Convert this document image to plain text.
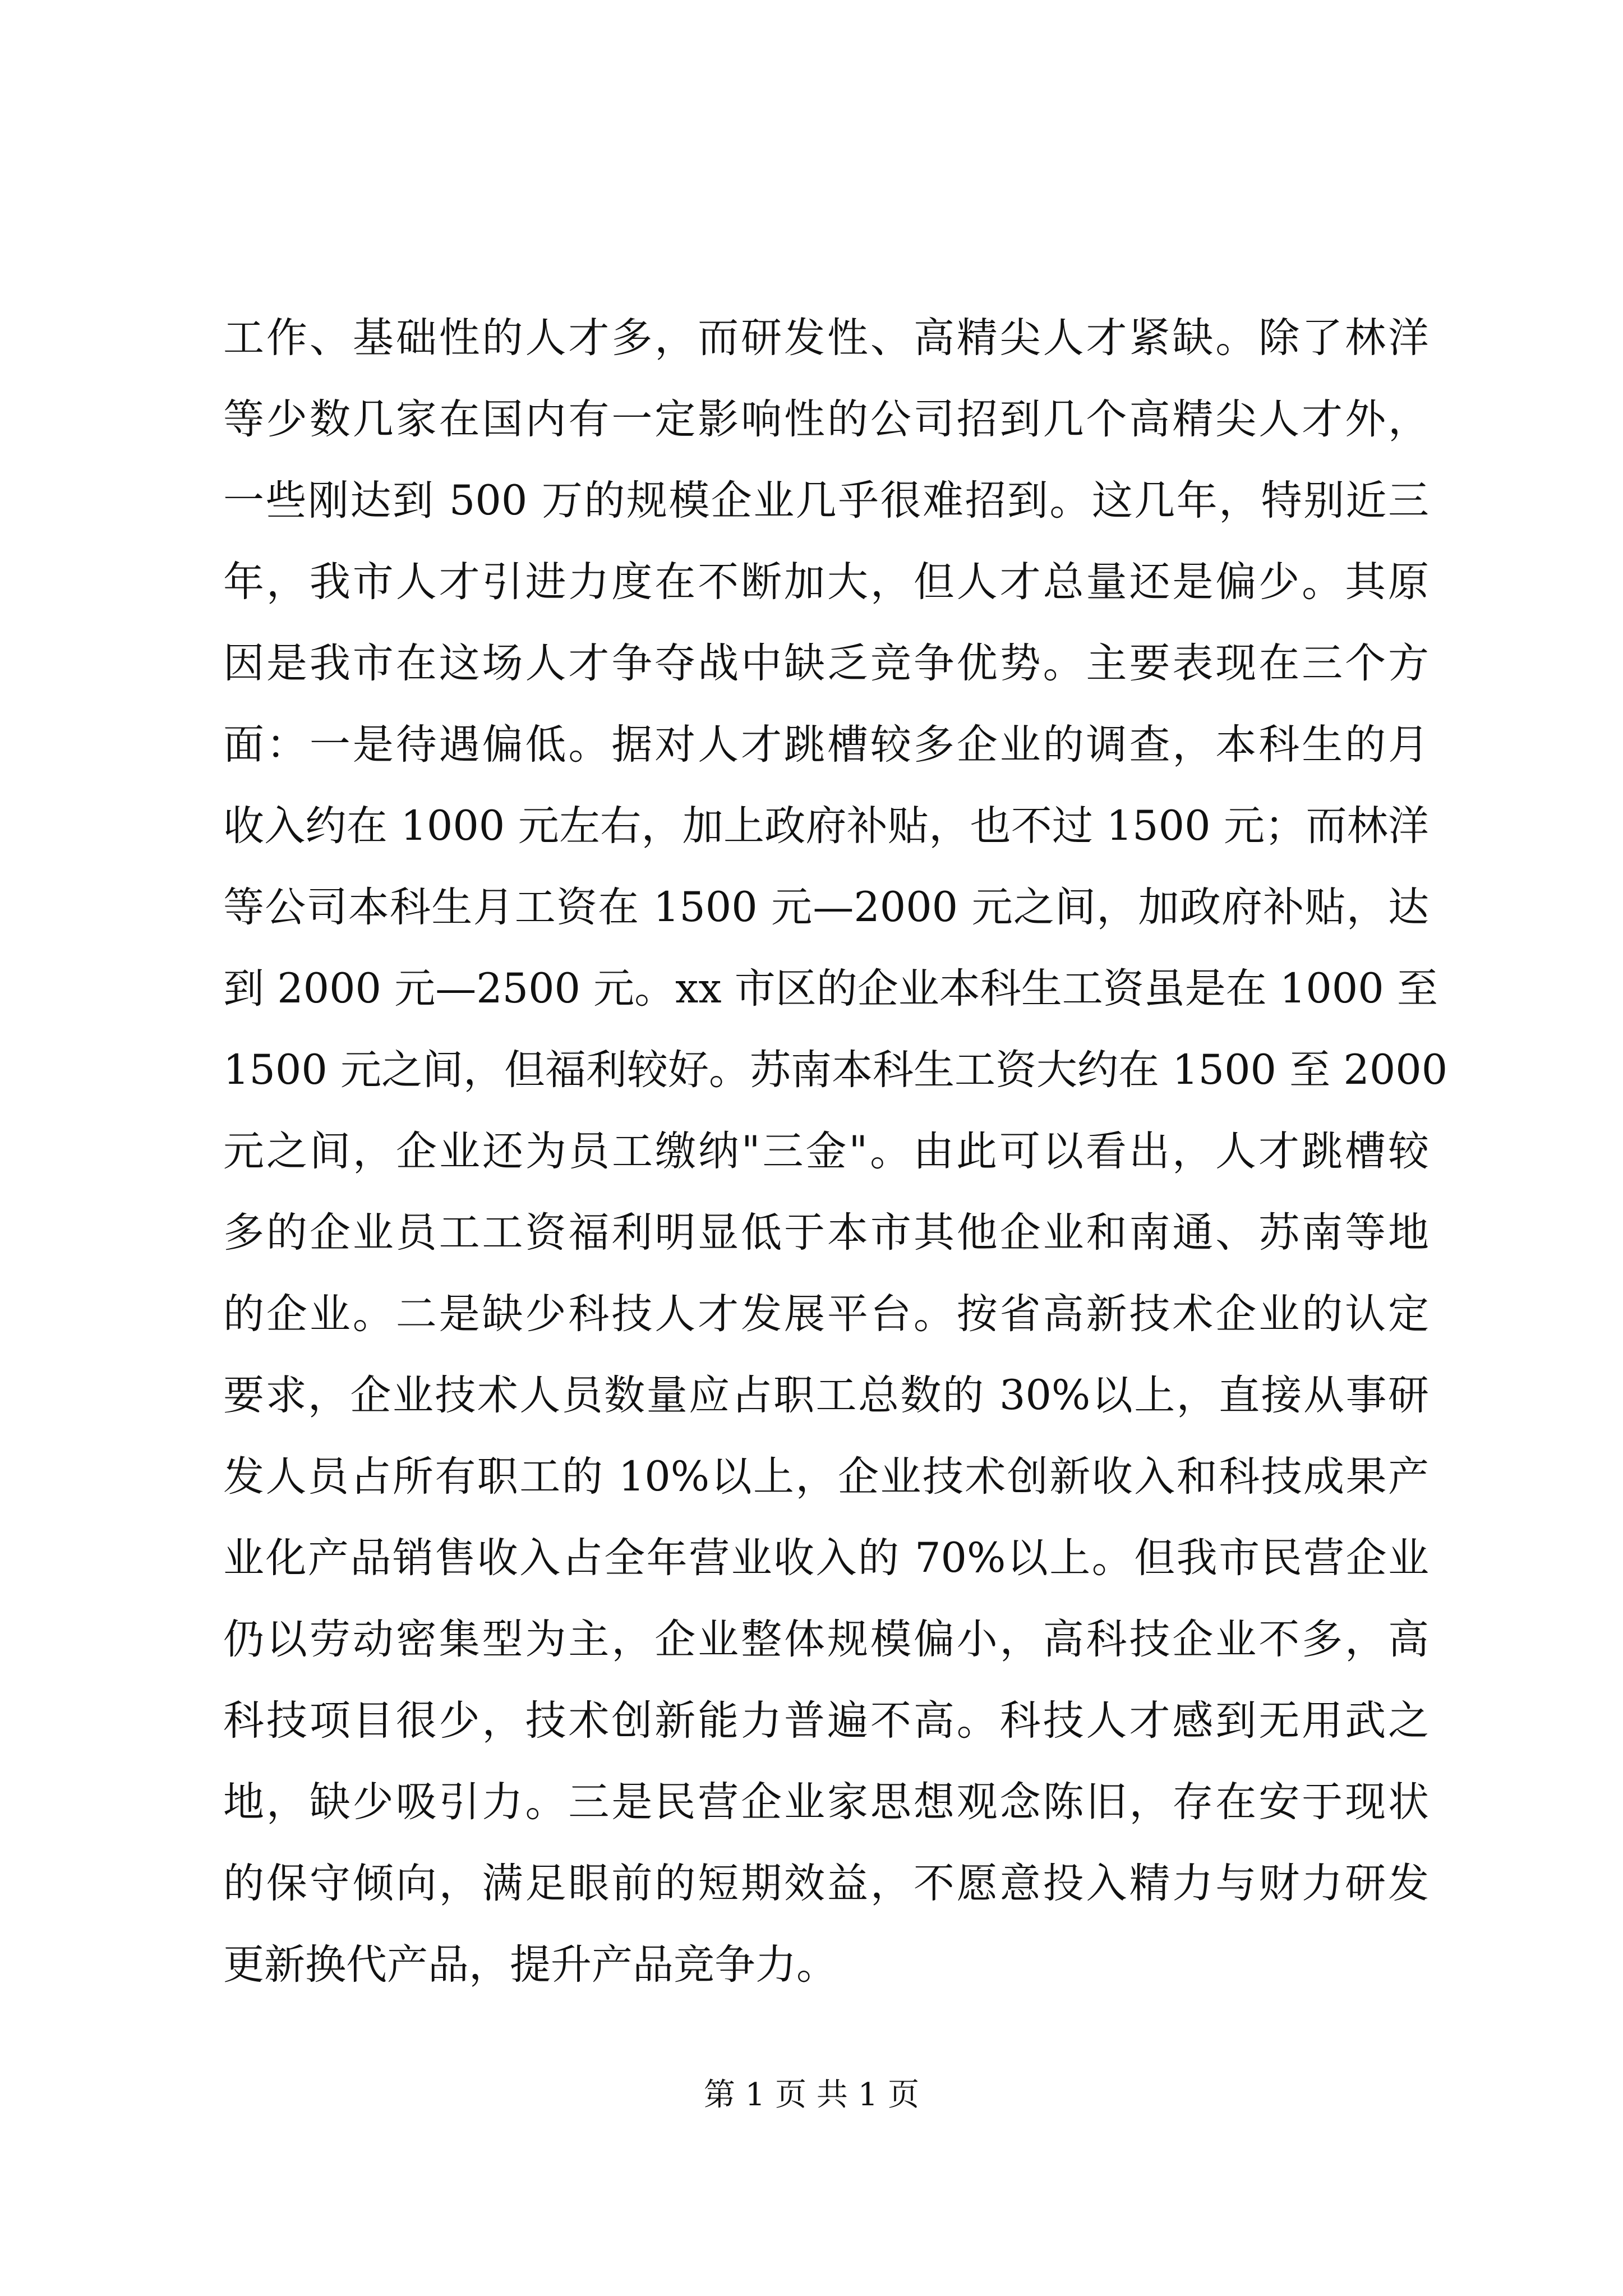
工作、基础性的人才多，而研发性、高精尖人才紧缺。除了林洋
等少数几家在国内有一定影响性的公司招到几个高精尖人才外，
一些刚达到 500 万的规模企业几乎很难招到。这几年，特别近三
年，我市人才引进力度在不断加大，但人才总量还是偏少。其原
因是我市在这场人才争夺战中缺乏竞争优势。主要表现在三个方
面：一是待遇偏低。据对人才跳槽较多企业的调查，本科生的月
收入约在 1000 元左右，加上政府补贴，也不过 1500 元；而林洋
等公司本科生月工资在 1500 元—2000 元之间，加政府补贴，达
到 2000 元—2500 元。xx 市区的企业本科生工资虽是在 1000 至
1500 元之间，但福利较好。苏南本科生工资大约在 1500 至 2000
元之间，企业还为员工缴纳"三金"。由此可以看出，人才跳槽较
多的企业员工工资福利明显低于本市其他企业和南通、苏南等地
的企业。二是缺少科技人才发展平台。按省高新技术企业的认定
要求，企业技术人员数量应占职工总数的 30%以上，直接从事研
发人员占所有职工的 10%以上，企业技术创新收入和科技成果产
业化产品销售收入占全年营业收入的 70%以上。但我市民营企业
仍以劳动密集型为主，企业整体规模偏小，高科技企业不多，高
科技项目很少，技术创新能力普遍不高。科技人才感到无用武之
地，缺少吸引力。三是民营企业家思想观念陈旧，存在安于现状
的保守倾向，满足眼前的短期效益，不愿意投入精力与财力研发
更新换代产品，提升产品竞争力。
第 1 页 共 1 页
